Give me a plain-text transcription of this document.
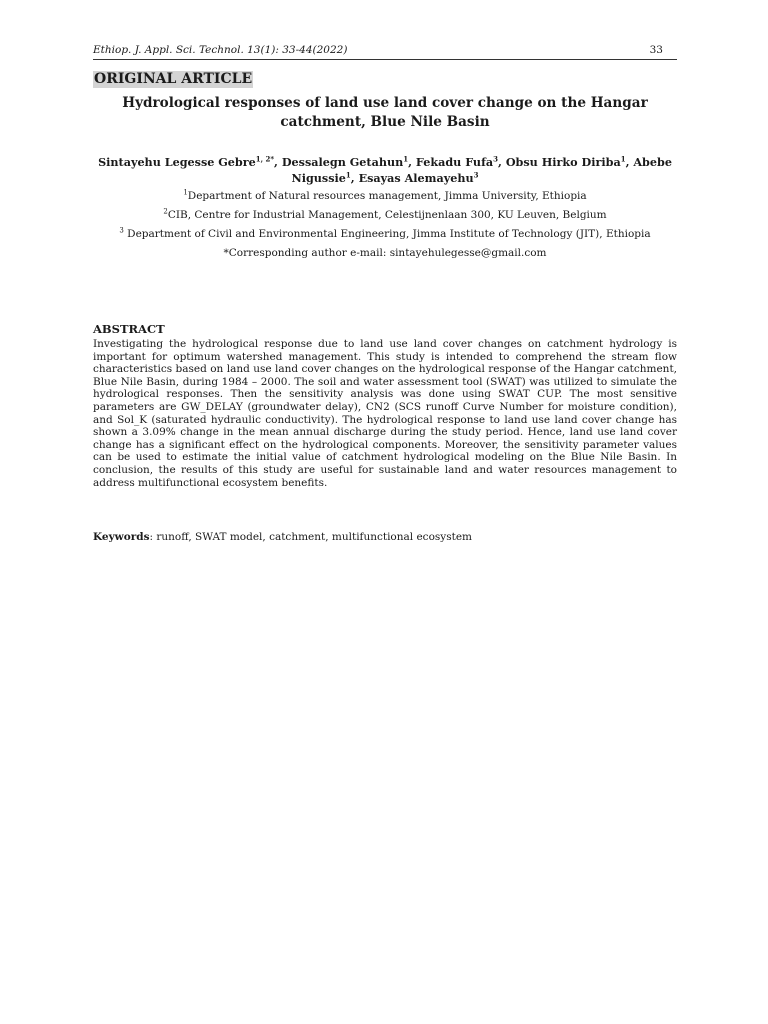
Ethiop. J. Appl. Sci. Technol. 13(1): 33-44(2022)	33
ORIGINAL ARTICLE
Hydrological responses of land use land cover change on the Hangar catchment, Blue Nile Basin
Sintayehu Legesse Gebre$^{1, 2*}$, Dessalegn Getahun$^1$, Fekadu Fufa$^3$, Obsu Hirko Diriba$^1$, Abebe Nigussie$^1$, Esayas Alemayehu$^3$
$^1$Department of Natural resources management, Jimma University, Ethiopia
$^2$CIB, Centre for Industrial Management, Celestijnenlaan 300, KU Leuven, Belgium
$^3$ Department of Civil and Environmental Engineering, Jimma Institute of Technology (JIT), Ethiopia
*Corresponding author e-mail: sintayehulegesse@gmail.com
ABSTRACT
Investigating the hydrological response due to land use land cover changes on catchment hydrology is important for optimum watershed management. This study is intended to comprehend the stream flow characteristics based on land use land cover changes on the hydrological response of the Hangar catchment, Blue Nile Basin, during 1984 – 2000. The soil and water assessment tool (SWAT) was utilized to simulate the hydrological responses. Then the sensitivity analysis was done using SWAT CUP. The most sensitive parameters are GW_DELAY (groundwater delay), CN2 (SCS runoff Curve Number for moisture condition), and Sol_K (saturated hydraulic conductivity). The hydrological response to land use land cover change has shown a 3.09% change in the mean annual discharge during the study period. Hence, land use land cover change has a significant effect on the hydrological components. Moreover, the sensitivity parameter values can be used to estimate the initial value of catchment hydrological modeling on the Blue Nile Basin. In conclusion, the results of this study are useful for sustainable land and water resources management to address multifunctional ecosystem benefits.
Keywords: runoff, SWAT model, catchment, multifunctional ecosystem
